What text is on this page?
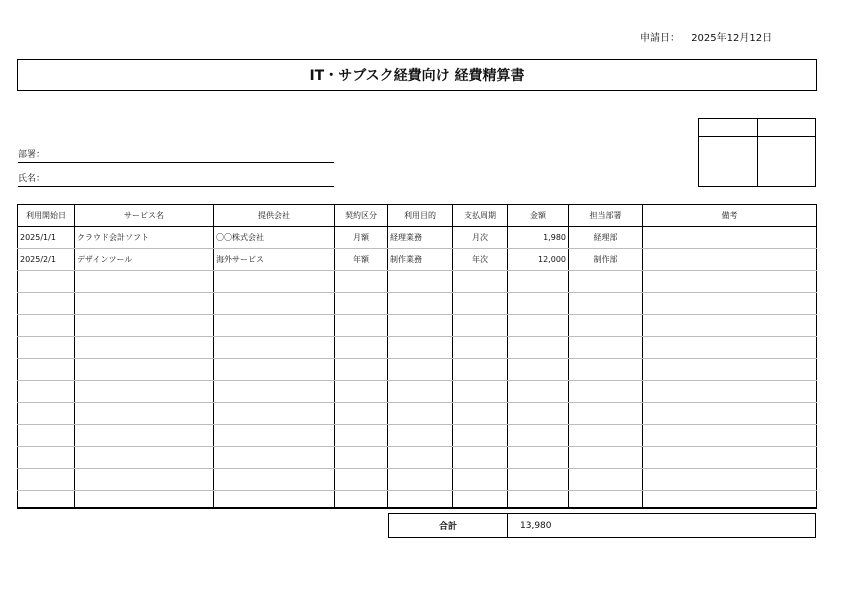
申請日： 2025年12月12日
IT・サブスク経費向け 経費精算書

部署：
氏名：
利用開始日	サービス名	提供会社	契約区分	利用目的	支払周期	金額	担当部署	備考
2025/1/1	クラウド会計ソフト	〇〇株式会社	月額	経理業務	月次	1,980	経理部	
2025/2/1	デザインツール	海外サービス	年額	制作業務	年次	12,000	制作部	

合計	13,980
